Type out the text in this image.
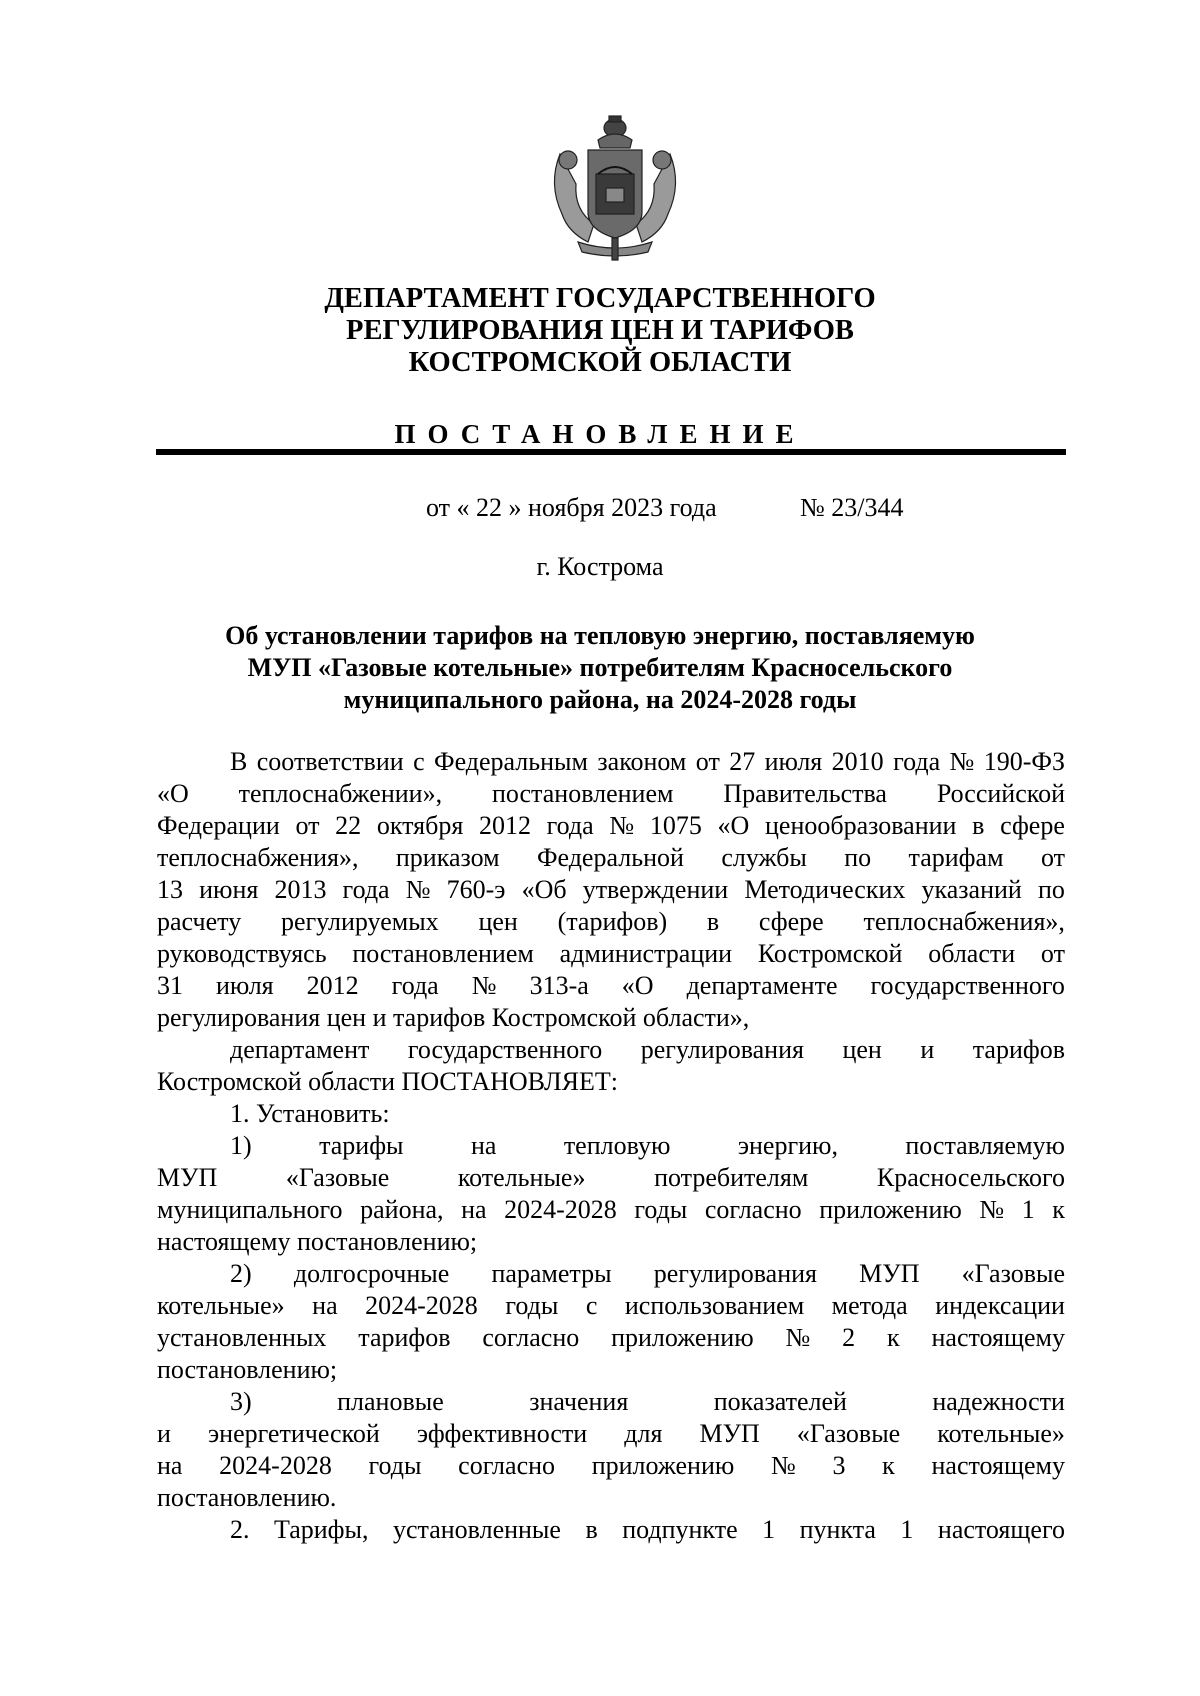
ДЕПАРТАМЕНТ ГОСУДАРСТВЕННОГО
РЕГУЛИРОВАНИЯ ЦЕН И ТАРИФОВ
КОСТРОМСКОЙ ОБЛАСТИ
ПОСТАНОВЛЕНИЕ
от « 22 » ноября 2023 года	№ 23/344
г. Кострома
Об установлении тарифов на тепловую энергию, поставляемую
МУП «Газовые котельные» потребителям Красносельского
муниципального района, на 2024-2028 годы
В соответствии с Федеральным законом от 27 июля 2010 года № 190-ФЗ
«О теплоснабжении», постановлением Правительства Российской
Федерации от 22 октября 2012 года № 1075 «О ценообразовании в сфере
теплоснабжения», приказом Федеральной службы по тарифам от
13 июня 2013 года № 760-э «Об утверждении Методических указаний по
расчету регулируемых цен (тарифов) в сфере теплоснабжения»,
руководствуясь постановлением администрации Костромской области от
31 июля 2012 года № 313-а «О департаменте государственного
регулирования цен и тарифов Костромской области»,
департамент государственного регулирования цен и тарифов
Костромской области ПОСТАНОВЛЯЕТ:
1. Установить:
1)	тарифы	на	тепловую	энергию,	поставляемую
МУП	«Газовые	котельные»	потребителям	Красносельского
муниципального района, на 2024-2028 годы согласно приложению № 1 к
настоящему постановлению;
2) долгосрочные параметры регулирования МУП «Газовые
котельные» на 2024-2028 годы с использованием метода индексации
установленных тарифов согласно приложению № 2 к настоящему
постановлению;
3)	плановые	значения	показателей	надежности
и энергетической эффективности для МУП «Газовые котельные»
на 2024-2028 годы согласно приложению № 3 к настоящему
постановлению.
2. Тарифы, установленные в подпункте 1 пункта 1 настоящего
